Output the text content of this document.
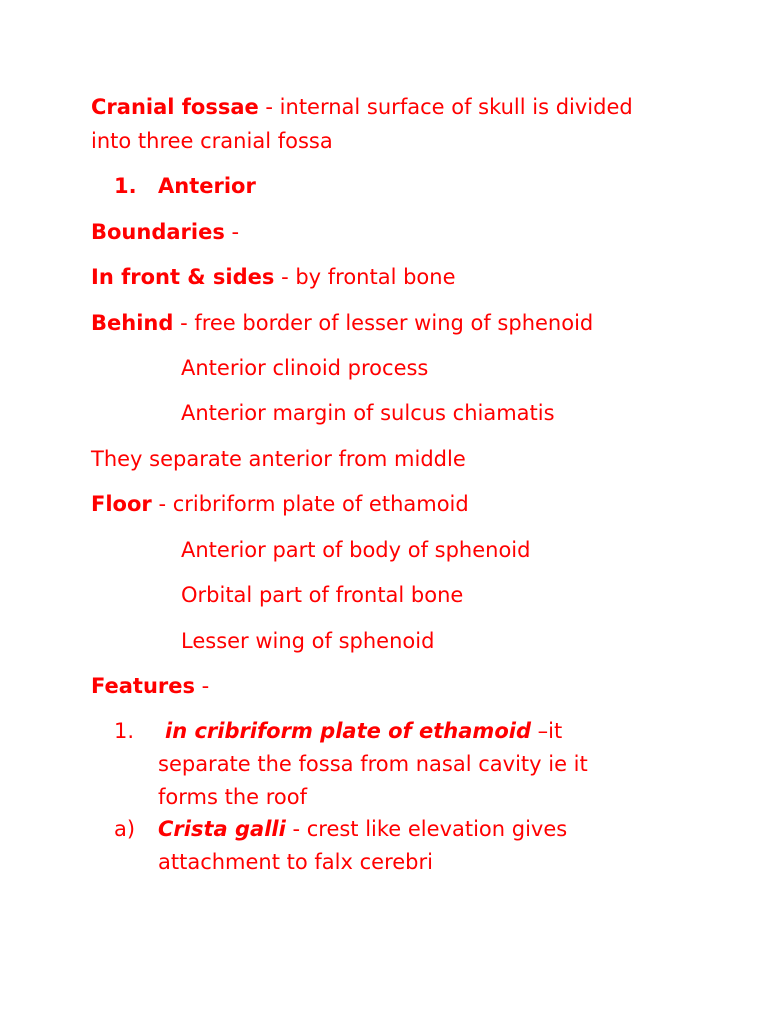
Cranial fossae - internal surface of skull is divided
into three cranial fossa
1. Anterior
Boundaries -
In front & sides - by frontal bone
Behind - free border of lesser wing of sphenoid
Anterior clinoid process
Anterior margin of sulcus chiamatis
They separate anterior from middle
Floor - cribriform plate of ethamoid
Anterior part of body of sphenoid
Orbital part of frontal bone
Lesser wing of sphenoid
Features -
1. in cribriform plate of ethamoid –it
separate the fossa from nasal cavity ie it
forms the roof
a) Crista galli - crest like elevation gives
attachment to falx cerebri
